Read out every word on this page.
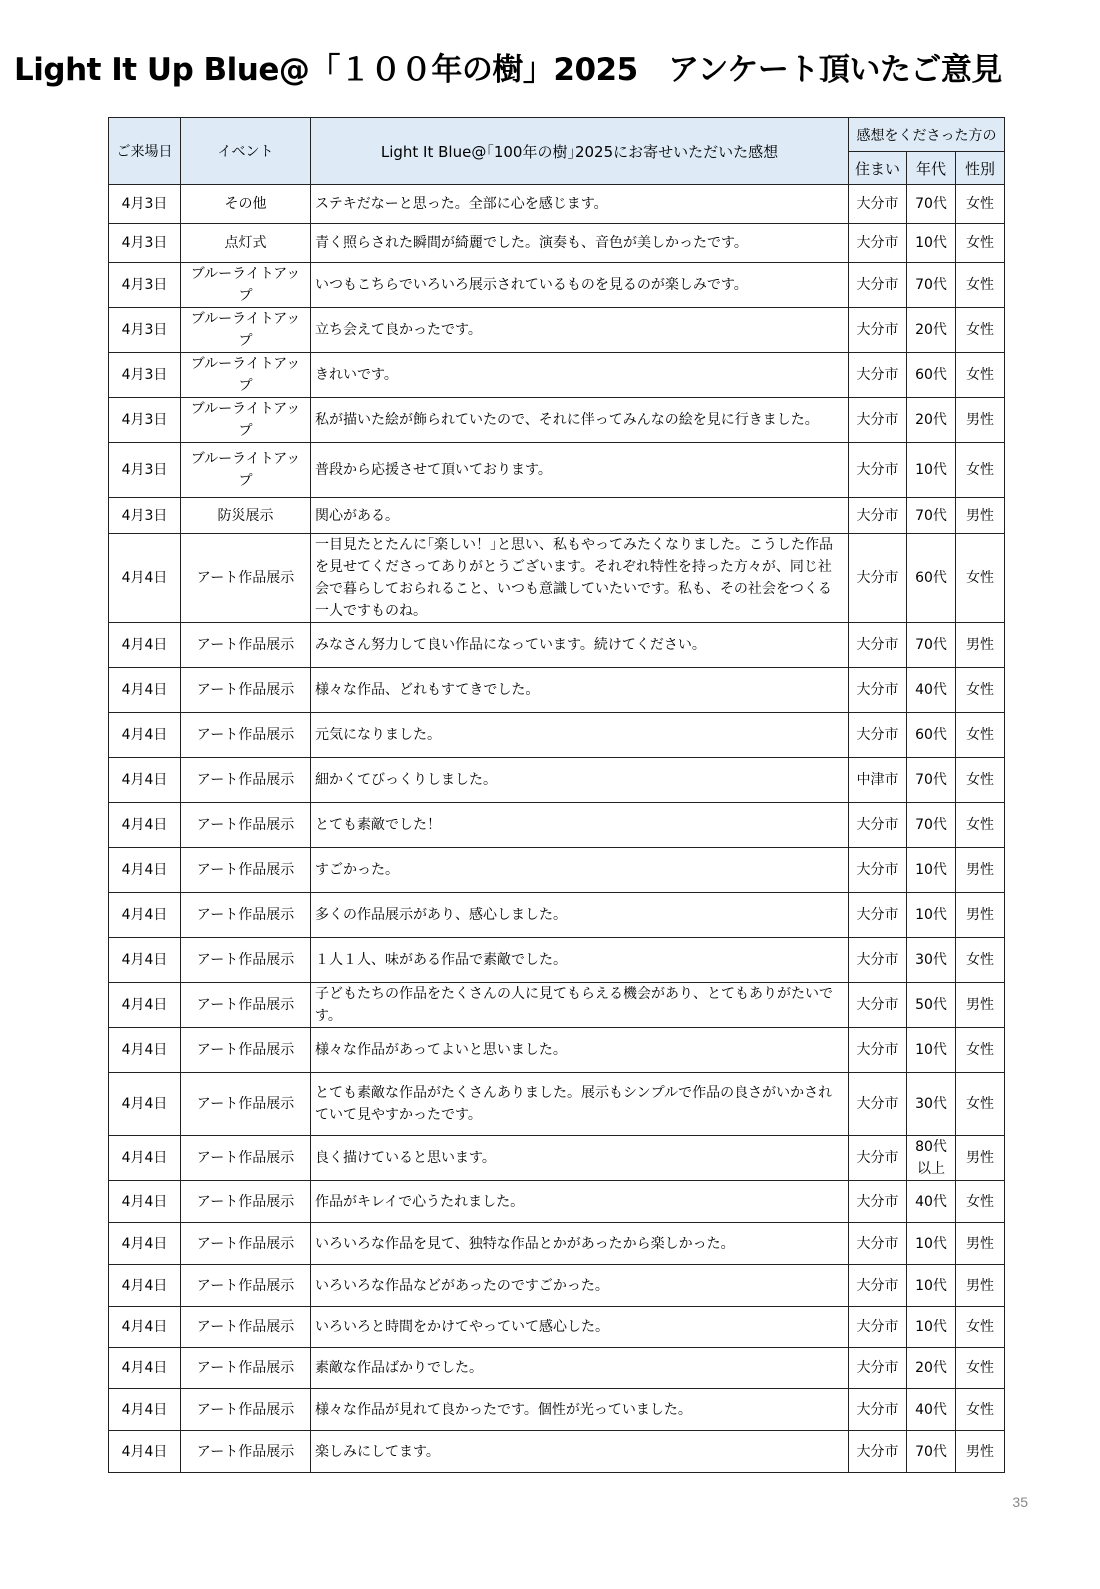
Light It Up Blue@「１００年の樹」2025　アンケート頂いたご意見
ご来場日	イベント	Light It Blue@｢100年の樹｣2025にお寄せいただいた感想	感想をくださった方の		
			住まい	年代	性別
4月3日	その他	ステキだなーと思った。全部に心を感じます。	大分市	70代	女性
4月3日	点灯式	青く照らされた瞬間が綺麗でした。演奏も、音色が美しかったです。	大分市	10代	女性
4月3日	ブルーライトアップ	いつもこちらでいろいろ展示されているものを見るのが楽しみです。	大分市	70代	女性
4月3日	ブルーライトアップ	立ち会えて良かったです。	大分市	20代	女性
4月3日	ブルーライトアップ	きれいです。	大分市	60代	女性
4月3日	ブルーライトアップ	私が描いた絵が飾られていたので、それに伴ってみんなの絵を見に行きました。	大分市	20代	男性
4月3日	ブルーライトアップ	普段から応援させて頂いております。	大分市	10代	女性
4月3日	防災展示	関心がある。	大分市	70代	男性
4月4日	アート作品展示	一目見たとたんに｢楽しい！｣と思い、私もやってみたくなりました。こうした作品を見せてくださってありがとうございます。それぞれ特性を持った方々が、同じ社会で暮らしておられること、いつも意識していたいです。私も、その社会をつくる一人ですものね。	大分市	60代	女性
4月4日	アート作品展示	みなさん努力して良い作品になっています。続けてください。	大分市	70代	男性
4月4日	アート作品展示	様々な作品、どれもすてきでした。	大分市	40代	女性
4月4日	アート作品展示	元気になりました。	大分市	60代	女性
4月4日	アート作品展示	細かくてびっくりしました。	中津市	70代	女性
4月4日	アート作品展示	とても素敵でした！	大分市	70代	女性
4月4日	アート作品展示	すごかった。	大分市	10代	男性
4月4日	アート作品展示	多くの作品展示があり、感心しました。	大分市	10代	男性
4月4日	アート作品展示	１人１人、味がある作品で素敵でした。	大分市	30代	女性
4月4日	アート作品展示	子どもたちの作品をたくさんの人に見てもらえる機会があり、とてもありがたいです。	大分市	50代	男性
4月4日	アート作品展示	様々な作品があってよいと思いました。	大分市	10代	女性
4月4日	アート作品展示	とても素敵な作品がたくさんありました。展示もシンプルで作品の良さがいかされていて見やすかったです。	大分市	30代	女性
4月4日	アート作品展示	良く描けていると思います。	大分市	80代以上	男性
4月4日	アート作品展示	作品がキレイで心うたれました。	大分市	40代	女性
4月4日	アート作品展示	いろいろな作品を見て、独特な作品とかがあったから楽しかった。	大分市	10代	男性
4月4日	アート作品展示	いろいろな作品などがあったのですごかった。	大分市	10代	男性
4月4日	アート作品展示	いろいろと時間をかけてやっていて感心した。	大分市	10代	女性
4月4日	アート作品展示	素敵な作品ばかりでした。	大分市	20代	女性
4月4日	アート作品展示	様々な作品が見れて良かったです。個性が光っていました。	大分市	40代	女性
4月4日	アート作品展示	楽しみにしてます。	大分市	70代	男性
35
